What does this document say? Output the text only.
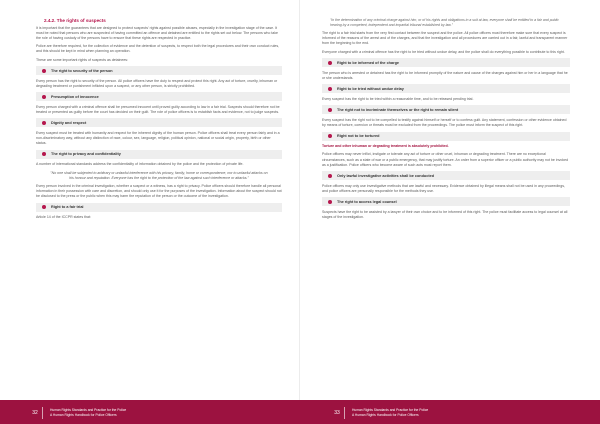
2.4.2. The rights of suspects

It is important that the guarantees that are designed to protect suspects' rights against possible abuses, especially in the investigation stage of the case. It must be noted that persons who are suspected of having committed an offence and detained are entitled to the rights set out below. The persons who take the role of having custody of the persons have to ensure that these rights are respected in practice.

Police are therefore required, for the collection of evidence and the detention of suspects, to respect both the legal procedures and their own conduct rules, and this should be kept in mind when planning an operation.

These are some important rights of suspects as detainees:

The right to security of the person

Every person has the right to security of the person. All police officers have the duty to respect and protect this right. Any act of torture, cruelty, inhuman or degrading treatment or punishment inflicted upon a suspect, or any other person, is strictly prohibited.

Presumption of innocence

Every person charged with a criminal offence shall be presumed innocent until proved guilty according to law in a fair trial. Suspects should therefore not be treated or presented as guilty before the court has decided on their guilt. The role of police officers is to establish facts and evidence, not to judge suspects.

Dignity and respect

Every suspect must be treated with humanity and respect for the inherent dignity of the human person. Police officers shall treat every person fairly and in a non-discriminatory way, without any distinction of race, colour, sex, language, religion, political opinion, national or social origin, property, birth or other status.

The right to privacy and confidentiality

A number of international standards address the confidentiality of information obtained by the police and the protection of private life.

"No one shall be subjected to arbitrary or unlawful interference with his privacy, family, home or correspondence, nor to unlawful attacks on his honour and reputation. Everyone has the right to the protection of the law against such interference or attacks."

Every person involved in the criminal investigation, whether a suspect or a witness, has a right to privacy. Police officers should therefore handle all personal information in their possession with care and discretion, and should only use it for the purposes of the investigation. Information about the suspect should not be disclosed to the press or the public when this may harm the reputation of the person or the outcome of the investigation.

Right to a fair trial

Article 14 of the ICCPR states that:

32	Human Rights Standards and Practice for the Police
A Human Rights Handbook for Police Officers

"In the determination of any criminal charge against him, or of his rights and obligations in a suit at law, everyone shall be entitled to a fair and public hearing by a competent, independent and impartial tribunal established by law."

The right to a fair trial starts from the very first contact between the suspect and the police. All police officers must therefore make sure that every suspect is informed of the reasons of the arrest and of the charges, and that the investigation and all procedures are carried out in a fair, lawful and transparent manner from the beginning to the end.

Everyone charged with a criminal offence has the right to be tried without undue delay, and the police shall do everything possible to contribute to this right.

Right to be informed of the charge

The person who is arrested or detained has the right to be informed promptly of the nature and cause of the charges against him or her in a language that he or she understands.

Right to be tried without undue delay

Every suspect has the right to be tried within a reasonable time, and to be released pending trial.

The right not to incriminate themselves or the right to remain silent

Every suspect has the right not to be compelled to testify against himself or herself or to confess guilt. Any statement, confession or other evidence obtained by means of torture, coercion or threats must be excluded from the proceedings. The police must inform the suspect of this right.

Right not to be tortured

Torture and other inhuman or degrading treatment is absolutely prohibited.

Police officers may never inflict, instigate or tolerate any act of torture or other cruel, inhuman or degrading treatment. There are no exceptional circumstances, such as a state of war or a public emergency, that may justify torture. An order from a superior officer or a public authority may not be invoked as a justification. Police officers who become aware of such acts must report them.

Only lawful investigative activities shall be conducted

Police officers may only use investigative methods that are lawful and necessary. Evidence obtained by illegal means shall not be used in any proceedings, and police officers are personally responsible for the methods they use.

The right to access legal counsel

Suspects have the right to be assisted by a lawyer of their own choice and to be informed of this right. The police must facilitate access to legal counsel at all stages of the investigation.

33	Human Rights Standards and Practice for the Police
A Human Rights Handbook for Police Officers
